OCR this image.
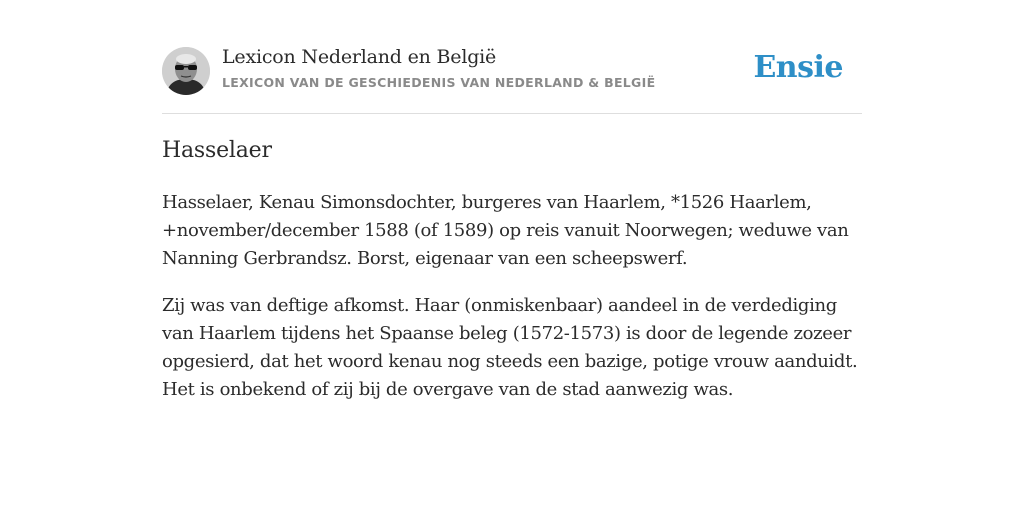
Lexicon Nederland en België
LEXICON VAN DE GESCHIEDENIS VAN NEDERLAND & BELGIË	Ensie
Hasselaer

Hasselaer, Kenau Simonsdochter, burgeres van Haarlem, *1526 Haarlem, +november/december 1588 (of 1589) op reis vanuit Noorwegen; weduwe van Nanning Gerbrandsz. Borst, eigenaar van een scheepswerf.

Zij was van deftige afkomst. Haar (onmiskenbaar) aandeel in de verdediging van Haarlem tijdens het Spaanse beleg (1572-1573) is door de legende zozeer opgesierd, dat het woord kenau nog steeds een bazige, potige vrouw aanduidt. Het is onbekend of zij bij de overgave van de stad aanwezig was.
